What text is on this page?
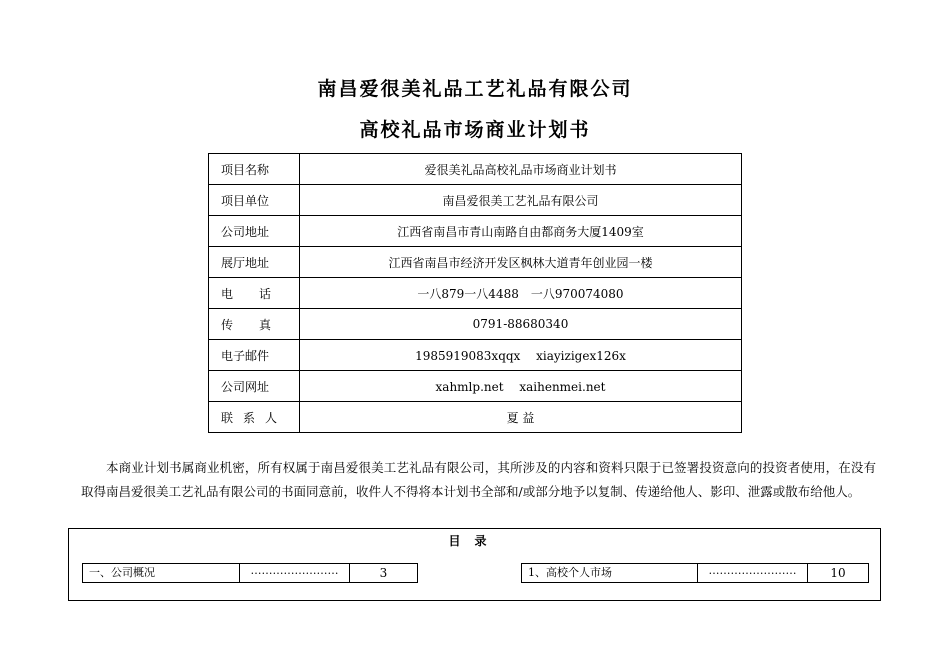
南昌爱很美礼品工艺礼品有限公司
高校礼品市场商业计划书
项目名称	爱很美礼品高校礼品市场商业计划书
项目单位	南昌爱很美工艺礼品有限公司
公司地址	江西省南昌市青山南路自由都商务大厦1409室
展厅地址	江西省南昌市经济开发区枫林大道青年创业园一楼
电话	一八879一八4488　一八970074080
传真	0791-88680340
电子邮件	1985919083xqqx　 xiayizigex126x
公司网址	xahmlp.net　 xaihenmei.net
联系人	夏 益
本商业计划书属商业机密，所有权属于南昌爱很美工艺礼品有限公司，其所涉及的内容和资料只限于已签署投资意向的投资者使用，在没有取得南昌爱很美工艺礼品有限公司的书面同意前，收件人不得将本计划书全部和/或部分地予以复制、传递给他人、影印、泄露或散布给他人。
目录
一、公司概况	……………………	3	1、高校个人市场	……………………	10
